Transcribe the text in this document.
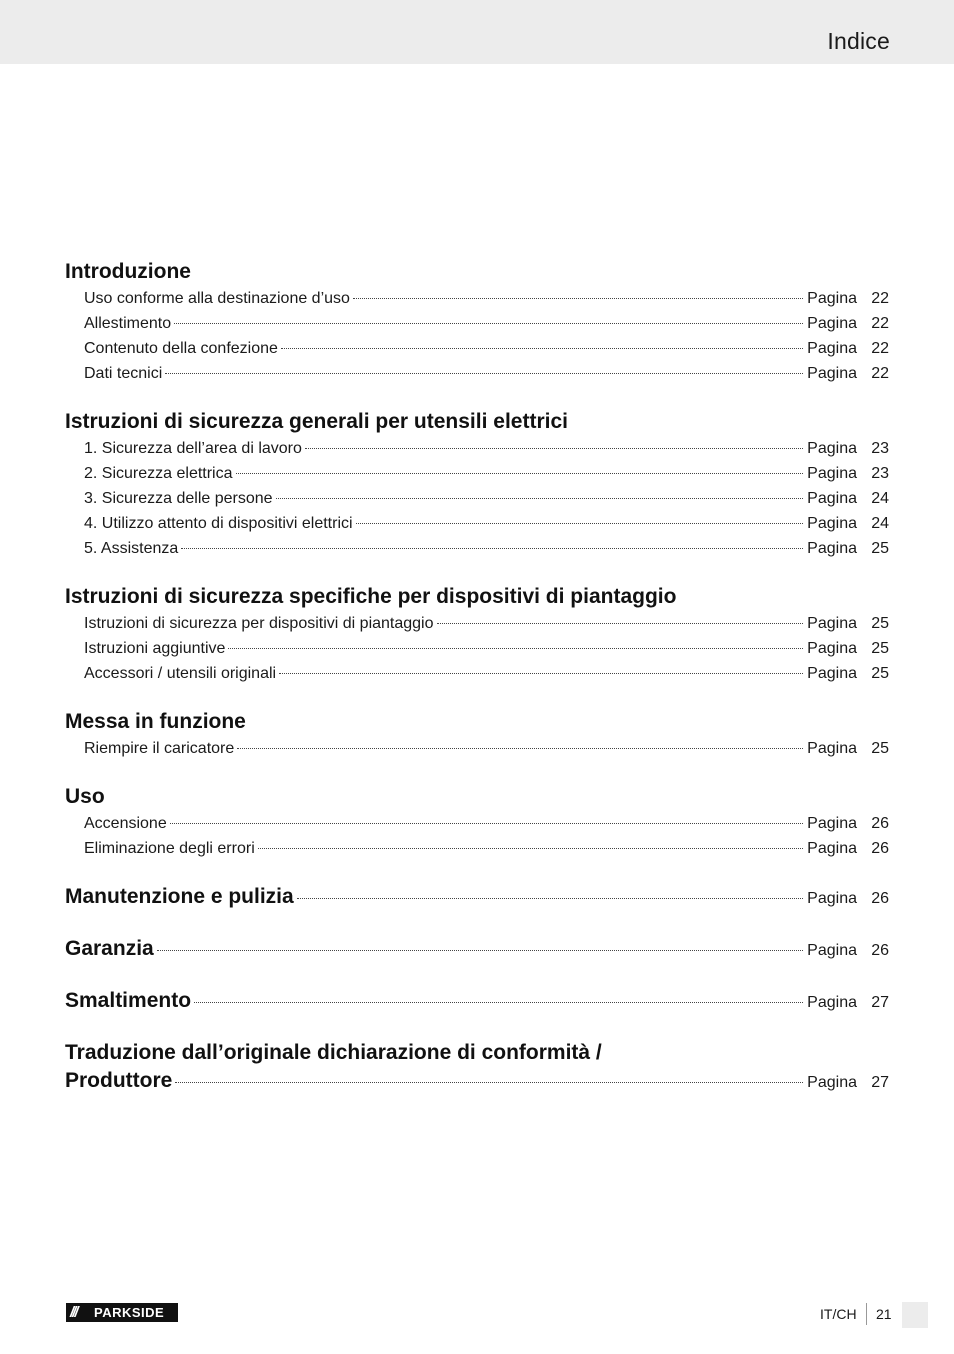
Indice
Introduzione
Uso conforme alla destinazione d’uso	Pagina 22
Allestimento	Pagina 22
Contenuto della confezione	Pagina 22
Dati tecnici	Pagina 22
Istruzioni di sicurezza generali per utensili elettrici
1. Sicurezza dell’area di lavoro	Pagina 23
2. Sicurezza elettrica	Pagina 23
3. Sicurezza delle persone	Pagina 24
4. Utilizzo attento di dispositivi elettrici	Pagina 24
5. Assistenza	Pagina 25
Istruzioni di sicurezza specifiche per dispositivi di piantaggio
Istruzioni di sicurezza per dispositivi di piantaggio	Pagina 25
Istruzioni aggiuntive	Pagina 25
Accessori / utensili originali	Pagina 25
Messa in funzione
Riempire il caricatore	Pagina 25
Uso
Accensione	Pagina 26
Eliminazione degli errori	Pagina 26
Manutenzione e pulizia	Pagina 26
Garanzia	Pagina 26
Smaltimento	Pagina 27
Traduzione dall’originale dichiarazione di conformità /
Produttore	Pagina 27
///	PARKSIDE	IT/CH 21
